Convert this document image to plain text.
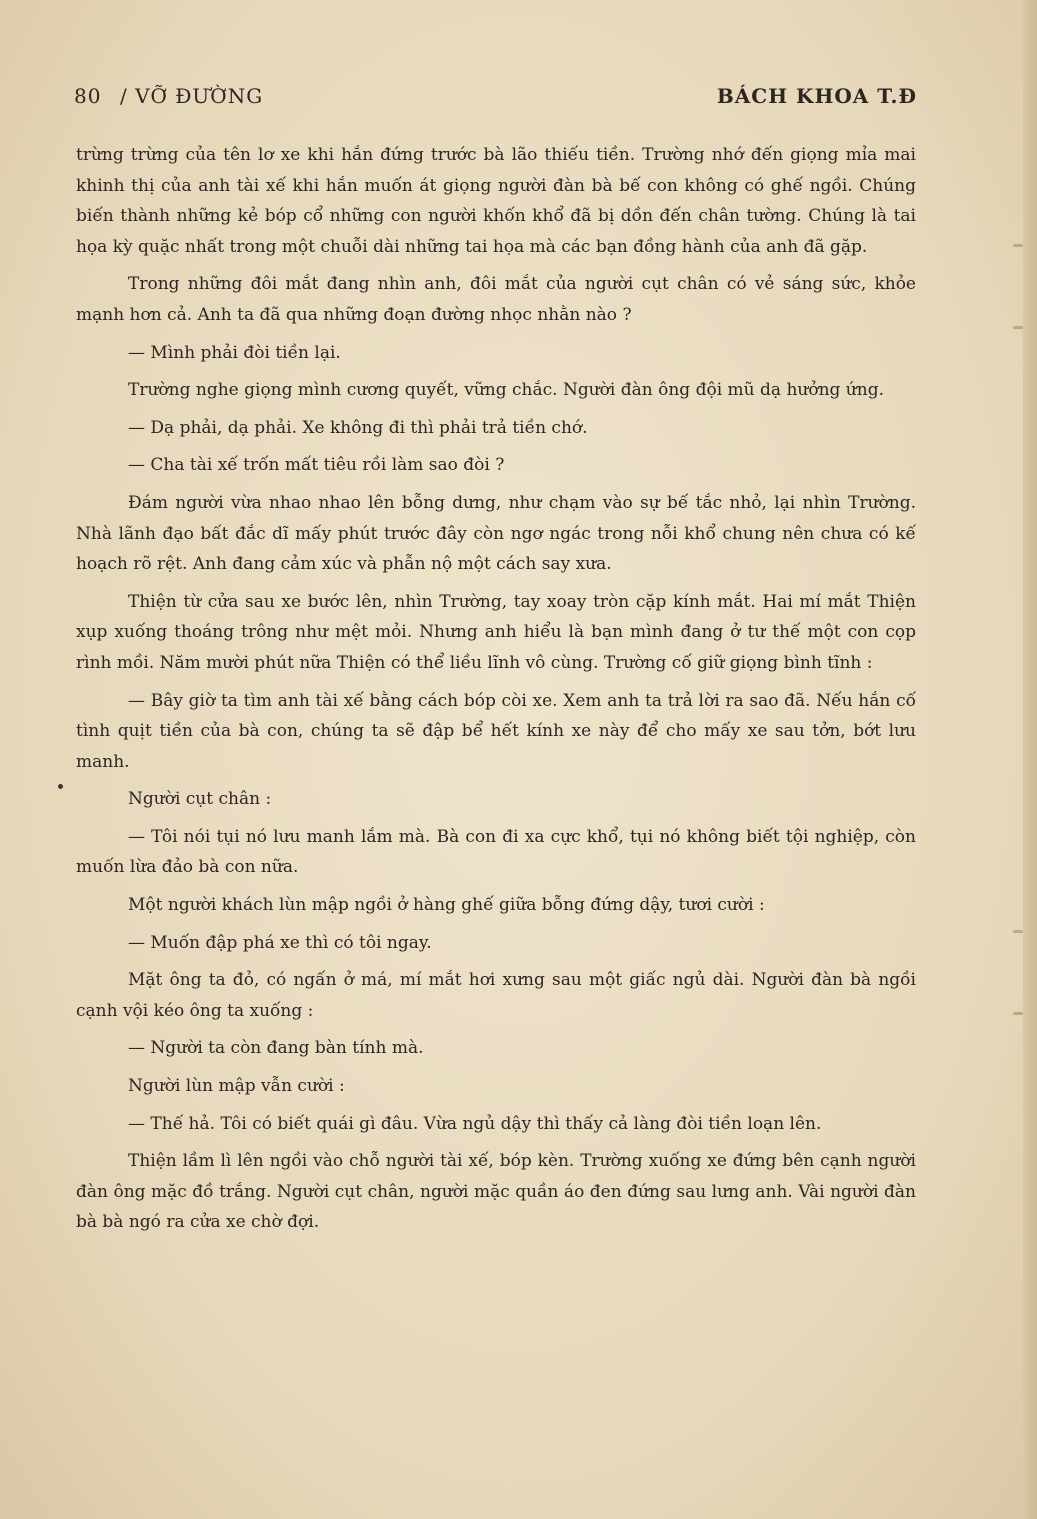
80 / VỠ ĐƯỜNG	BÁCH KHOA T.Đ

trừng trừng của tên lơ xe khi hắn đứng trước bà lão thiếu tiền. Trường nhớ đến giọng mỉa mai khinh thị của anh tài xế khi hắn muốn át giọng người đàn bà bế con không có ghế ngồi. Chúng biến thành những kẻ bóp cổ những con người khốn khổ đã bị dồn đến chân tường. Chúng là tai họa kỳ quặc nhất trong một chuỗi dài những tai họa mà các bạn đồng hành của anh đã gặp.

Trong những đôi mắt đang nhìn anh, đôi mắt của người cụt chân có vẻ sáng sức, khỏe mạnh hơn cả. Anh ta đã qua những đoạn đường nhọc nhằn nào ?

— Mình phải đòi tiền lại.

Trường nghe giọng mình cương quyết, vững chắc. Người đàn ông đội mũ dạ hưởng ứng.

— Dạ phải, dạ phải. Xe không đi thì phải trả tiền chớ.

— Cha tài xế trốn mất tiêu rồi làm sao đòi ?

Đám người vừa nhao nhao lên bỗng dưng, như chạm vào sự bế tắc nhỏ, lại nhìn Trường. Nhà lãnh đạo bất đắc dĩ mấy phút trước đây còn ngơ ngác trong nỗi khổ chung nên chưa có kế hoạch rõ rệt. Anh đang cảm xúc và phẫn nộ một cách say xưa.

Thiện từ cửa sau xe bước lên, nhìn Trường, tay xoay tròn cặp kính mắt. Hai mí mắt Thiện xụp xuống thoáng trông như mệt mỏi. Nhưng anh hiểu là bạn mình đang ở tư thế một con cọp rình mồi. Năm mười phút nữa Thiện có thể liều lĩnh vô cùng. Trường cố giữ giọng bình tĩnh :

— Bây giờ ta tìm anh tài xế bằng cách bóp còi xe. Xem anh ta trả lời ra sao đã. Nếu hắn cố tình quịt tiền của bà con, chúng ta sẽ đập bể hết kính xe này để cho mấy xe sau tởn, bớt lưu manh.

Người cụt chân :

— Tôi nói tụi nó lưu manh lắm mà. Bà con đi xa cực khổ, tụi nó không biết tội nghiệp, còn muốn lừa đảo bà con nữa.

Một người khách lùn mập ngồi ở hàng ghế giữa bỗng đứng dậy, tươi cười :

— Muốn đập phá xe thì có tôi ngay.

Mặt ông ta đỏ, có ngấn ở má, mí mắt hơi xưng sau một giấc ngủ dài. Người đàn bà ngồi cạnh vội kéo ông ta xuống :

— Người ta còn đang bàn tính mà.

Người lùn mập vẫn cười :

— Thế hả. Tôi có biết quái gì đâu. Vừa ngủ dậy thì thấy cả làng đòi tiền loạn lên.

Thiện lầm lì lên ngồi vào chỗ người tài xế, bóp kèn. Trường xuống xe đứng bên cạnh người đàn ông mặc đồ trắng. Người cụt chân, người mặc quần áo đen đứng sau lưng anh. Vài người đàn bà bà ngó ra cửa xe chờ đợi.
